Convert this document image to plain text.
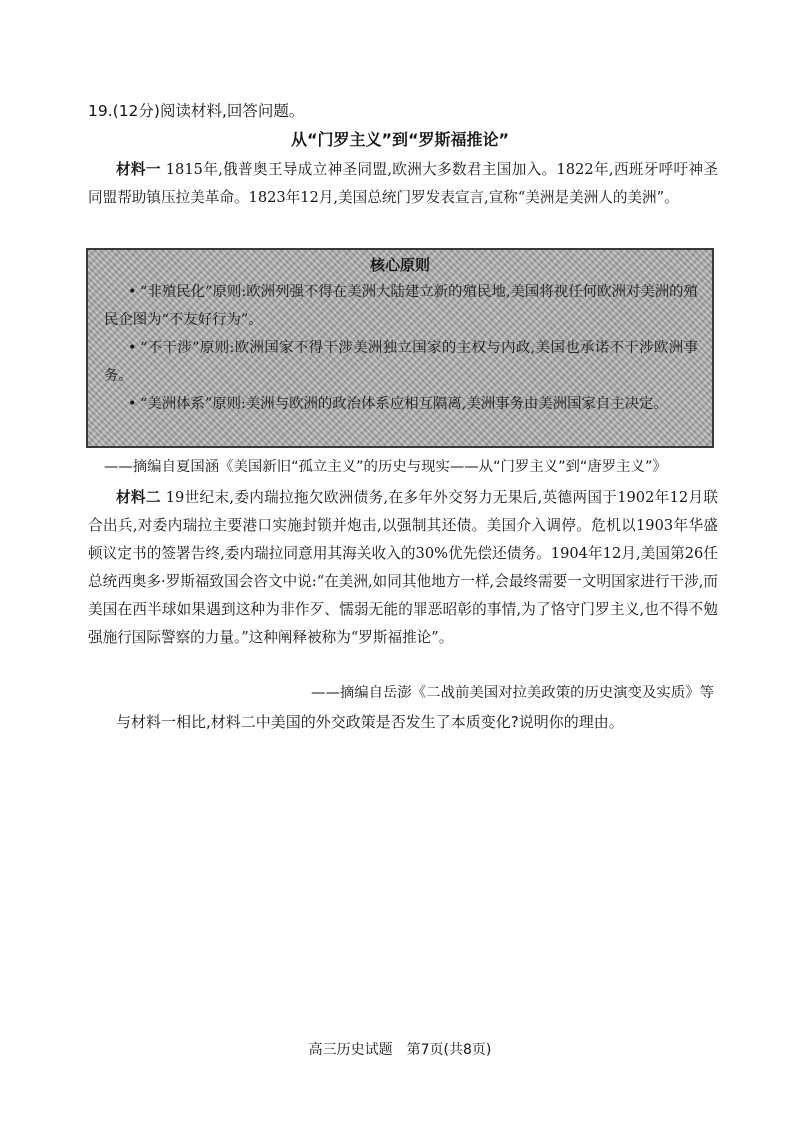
19.(12分)阅读材料,回答问题。
从“门罗主义”到“罗斯福推论”
材料一 1815年,俄普奥王导成立神圣同盟,欧洲大多数君主国加入。1822年,西班牙呼吁神圣同盟帮助镇压拉美革命。1823年12月,美国总统门罗发表宣言,宣称“美洲是美洲人的美洲”。
核心原则
• “非殖民化”原则:欧洲列强不得在美洲大陆建立新的殖民地,美国将视任何欧洲对美洲的殖民企图为“不友好行为”。
• “不干涉”原则:欧洲国家不得干涉美洲独立国家的主权与内政,美国也承诺不干涉欧洲事务。
• “美洲体系”原则:美洲与欧洲的政治体系应相互隔离,美洲事务由美洲国家自主决定。
——摘编自夏国涵《美国新旧“孤立主义”的历史与现实——从“门罗主义”到“唐罗主义”》
材料二 19世纪末,委内瑞拉拖欠欧洲债务,在多年外交努力无果后,英德两国于1902年12月联合出兵,对委内瑞拉主要港口实施封锁并炮击,以强制其还债。美国介入调停。危机以1903年华盛顿议定书的签署告终,委内瑞拉同意用其海关收入的30%优先偿还债务。1904年12月,美国第26任总统西奥多·罗斯福致国会咨文中说:“在美洲,如同其他地方一样,会最终需要一文明国家进行干涉,而美国在西半球如果遇到这种为非作歹、懦弱无能的罪恶昭彰的事情,为了恪守门罗主义,也不得不勉强施行国际警察的力量。”这种阐释被称为“罗斯福推论”。
——摘编自岳澎《二战前美国对拉美政策的历史演变及实质》等
与材料一相比,材料二中美国的外交政策是否发生了本质变化?说明你的理由。
高三历史试题　第7页(共8页)
